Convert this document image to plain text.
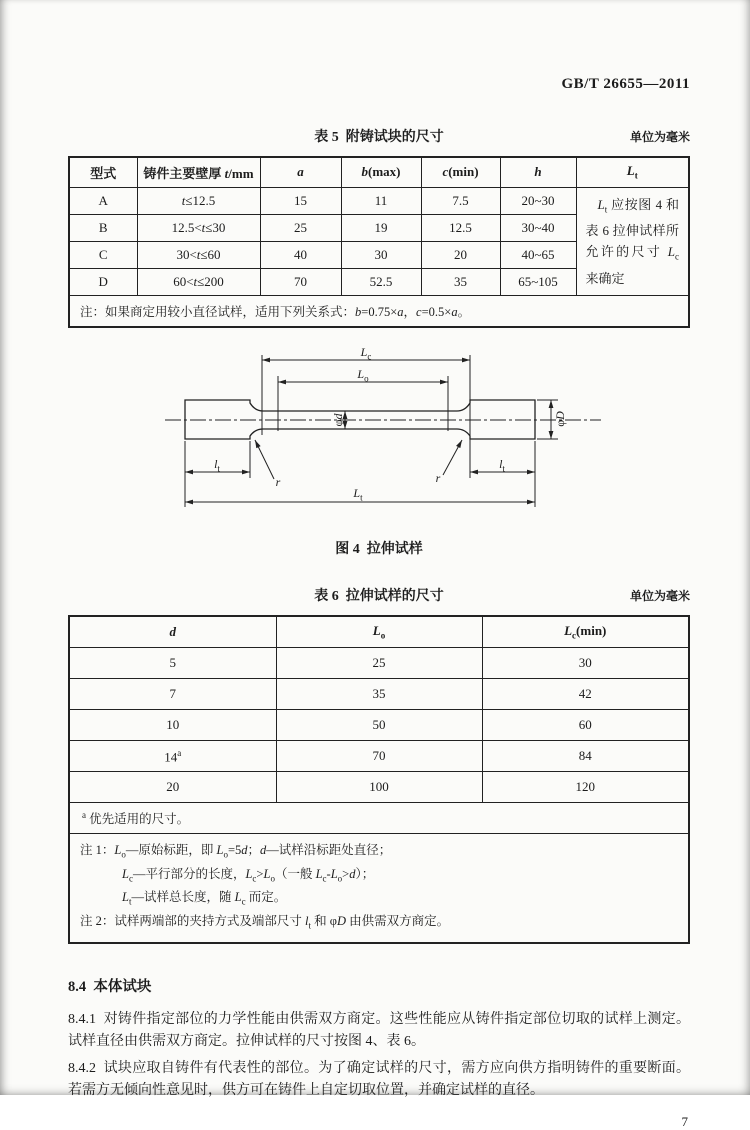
GB/T 26655—2011
表 5  附铸试块的尺寸	单位为毫米
型式	铸件主要壁厚 t/mm	a	b(max)	c(min)	h	$L_t$
A	t≤12.5	15	11	7.5	20~30	$L_t$ 应按图 4 和表 6 拉伸试样所允许的尺寸 $L_c$ 来确定
B	12.5<t≤30	25	19	12.5	30~40	
C	30<t≤60	40	30	20	40~65	
D	60<t≤200	70	52.5	35	65~105	
注：如果商定用较小直径试样，适用下列关系式：b=0.75×a，c=0.5×a。						
$L_c$
$L_o$
φd
φD
$l_t$	$l_t$
$L_t$
r	r
图 4  拉伸试样
表 6  拉伸试样的尺寸	单位为毫米
d	$L_o$	$L_c(\min)$
5	25	30
7	35	42
10	50	60
14$^a$	70	84
20	100	120
$^a$ 优先适用的尺寸。		

注 1：$L_o—$原始标距，即 $L_o=5d$；d—试样沿标距处直径；
$L_c—$平行部分的长度，$L_c>L_o$（一般 $L_c-L_o>d$）；
$L_t—$试样总长度，随 $L_c$ 而定。
注 2：试样两端部的夹持方式及端部尺寸 $l_t$ 和 φD 由供需双方商定。		
8.4  本体试块
8.4.1  对铸件指定部位的力学性能由供需双方商定。这些性能应从铸件指定部位切取的试样上测定。试样直径由供需双方商定。拉伸试样的尺寸按图 4、表 6。
8.4.2  试块应取自铸件有代表性的部位。为了确定试样的尺寸，需方应向供方指明铸件的重要断面。若需方无倾向性意见时，供方可在铸件上自定切取位置，并确定试样的直径。
7
